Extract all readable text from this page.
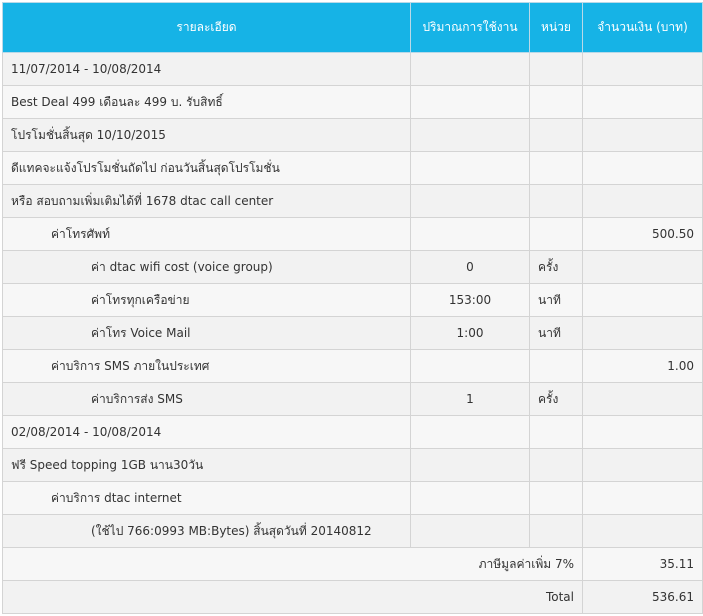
รายละเอียด	ปริมาณการใช้งาน	หน่วย	จำนวนเงิน (บาท)
11/07/2014 - 10/08/2014			
Best Deal 499 เดือนละ 499 บ. รับสิทธิ์			
โปรโมชั่นสิ้นสุด 10/10/2015			
ดีแทคจะแจ้งโปรโมชั่นถัดไป ก่อนวันสิ้นสุดโปรโมชั่น			
หรือ สอบถามเพิ่มเติมได้ที่ 1678 dtac call center			
ค่าโทรศัพท์			500.50
ค่า dtac wifi cost (voice group)	0	ครั้ง	
ค่าโทรทุกเครือข่าย	153:00	นาที	
ค่าโทร Voice Mail	1:00	นาที	
ค่าบริการ SMS ภายในประเทศ			1.00
ค่าบริการส่ง SMS	1	ครั้ง	
02/08/2014 - 10/08/2014			
ฟรี Speed topping 1GB นาน30วัน			
ค่าบริการ dtac internet			
(ใช้ไป 766:0993 MB:Bytes) สิ้นสุดวันที่ 20140812			
ภาษีมูลค่าเพิ่ม 7%			35.11
Total			536.61
